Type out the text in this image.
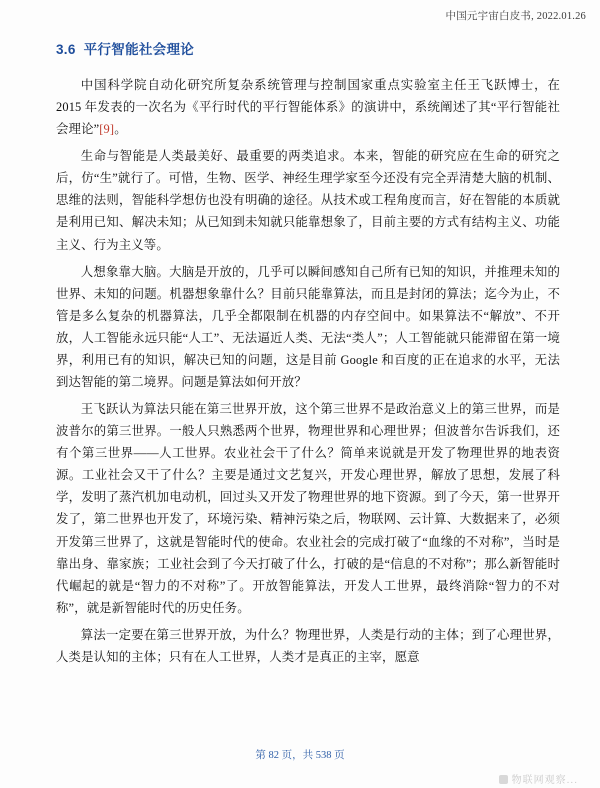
中国元宇宙白皮书, 2022.01.26
3.6 平行智能社会理论

中国科学院自动化研究所复杂系统管理与控制国家重点实验室主任王飞跃博士，在 2015 年发表的一次名为《平行时代的平行智能体系》的演讲中，系统阐述了其“平行智能社会理论”[9]。

生命与智能是人类最美好、最重要的两类追求。本来，智能的研究应在生命的研究之后，仿“生”就行了。可惜，生物、医学、神经生理学家至今还没有完全弄清楚大脑的机制、思维的法则，智能科学想仿也没有明确的途径。从技术或工程角度而言，好在智能的本质就是利用已知、解决未知；从已知到未知就只能靠想象了，目前主要的方式有结构主义、功能主义、行为主义等。

人想象靠大脑。大脑是开放的，几乎可以瞬间感知自己所有已知的知识，并推理未知的世界、未知的问题。机器想象靠什么？目前只能靠算法，而且是封闭的算法；迄今为止，不管是多么复杂的机器算法，几乎全都限制在机器的内存空间中。如果算法不“解放”、不开放，人工智能永远只能“人工”、无法逼近人类、无法“类人”；人工智能就只能滞留在第一境界，利用已有的知识，解决已知的问题，这是目前 Google 和百度的正在追求的水平，无法到达智能的第二境界。问题是算法如何开放？

王飞跃认为算法只能在第三世界开放，这个第三世界不是政治意义上的第三世界，而是波普尔的第三世界。一般人只熟悉两个世界，物理世界和心理世界；但波普尔告诉我们，还有个第三世界——人工世界。农业社会干了什么？简单来说就是开发了物理世界的地表资源。工业社会又干了什么？主要是通过文艺复兴，开发心理世界，解放了思想，发展了科学，发明了蒸汽机加电动机，回过头又开发了物理世界的地下资源。到了今天，第一世界开发了，第二世界也开发了，环境污染、精神污染之后，物联网、云计算、大数据来了，必须开发第三世界了，这就是智能时代的使命。农业社会的完成打破了“血缘的不对称”，当时是靠出身、靠家族；工业社会到了今天打破了什么，打破的是“信息的不对称”；那么新智能时代崛起的就是“智力的不对称”了。开放智能算法，开发人工世界，最终消除“智力的不对称”，就是新智能时代的历史任务。

算法一定要在第三世界开放，为什么？物理世界，人类是行动的主体；到了心理世界，人类是认知的主体；只有在人工世界，人类才是真正的主宰，愿意

第 82 页，共 538 页
物联网观察...
